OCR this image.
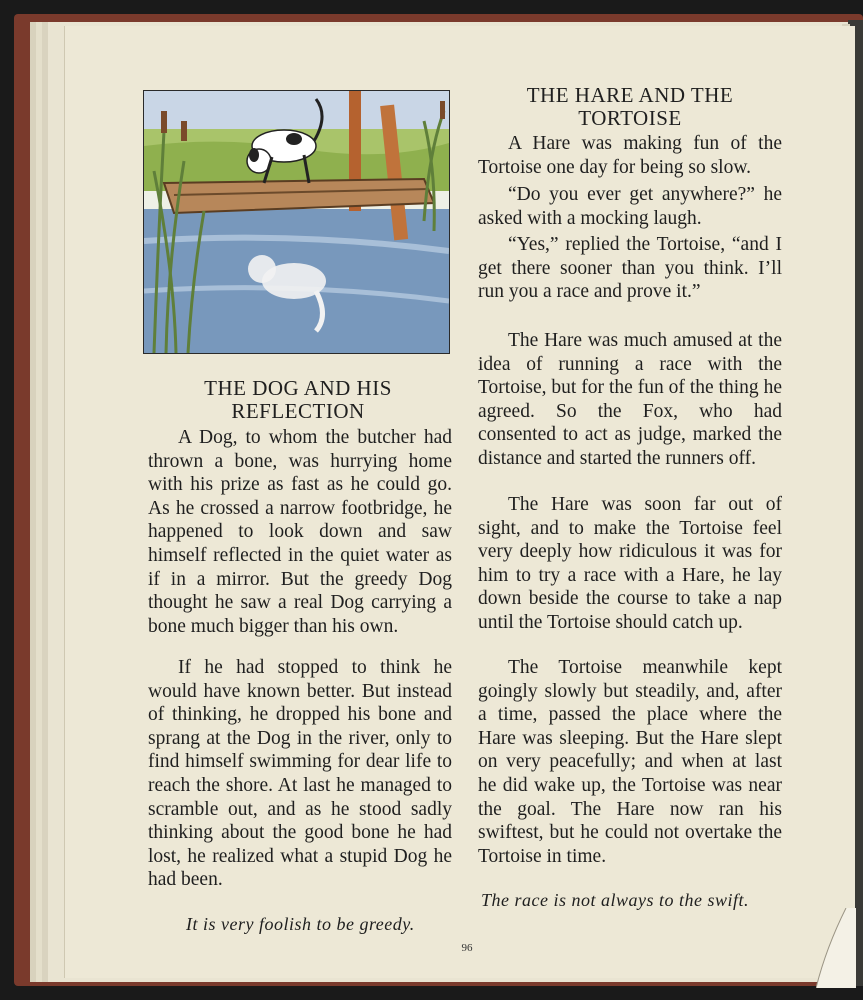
THE DOG AND HIS
REFLECTION

A Dog, to whom the butcher had thrown a bone, was hurrying home with his prize as fast as he could go. As he crossed a narrow footbridge, he happened to look down and saw himself reflected in the quiet water as if in a mirror. But the greedy Dog thought he saw a real Dog carrying a bone much bigger than his own.

If he had stopped to think he would have known better. But instead of thinking, he dropped his bone and sprang at the Dog in the river, only to find himself swimming for dear life to reach the shore. At last he managed to scramble out, and as he stood sadly thinking about the good bone he had lost, he realized what a stupid Dog he had been.

It is very foolish to be greedy.

THE HARE AND THE
TORTOISE

A Hare was making fun of the Tortoise one day for being so slow.

“Do you ever get anywhere?” he asked with a mocking laugh.

“Yes,” replied the Tortoise, “and I get there sooner than you think. I’ll run you a race and prove it.”

The Hare was much amused at the idea of running a race with the Tortoise, but for the fun of the thing he agreed. So the Fox, who had consented to act as judge, marked the distance and started the runners off.

The Hare was soon far out of sight, and to make the Tortoise feel very deeply how ridiculous it was for him to try a race with a Hare, he lay down beside the course to take a nap until the Tortoise should catch up.

The Tortoise meanwhile kept goingly slowly but steadily, and, after a time, passed the place where the Hare was sleeping. But the Hare slept on very peacefully; and when at last he did wake up, the Tortoise was near the goal. The Hare now ran his swiftest, but he could not overtake the Tortoise in time.

The race is not always to the swift.

96
